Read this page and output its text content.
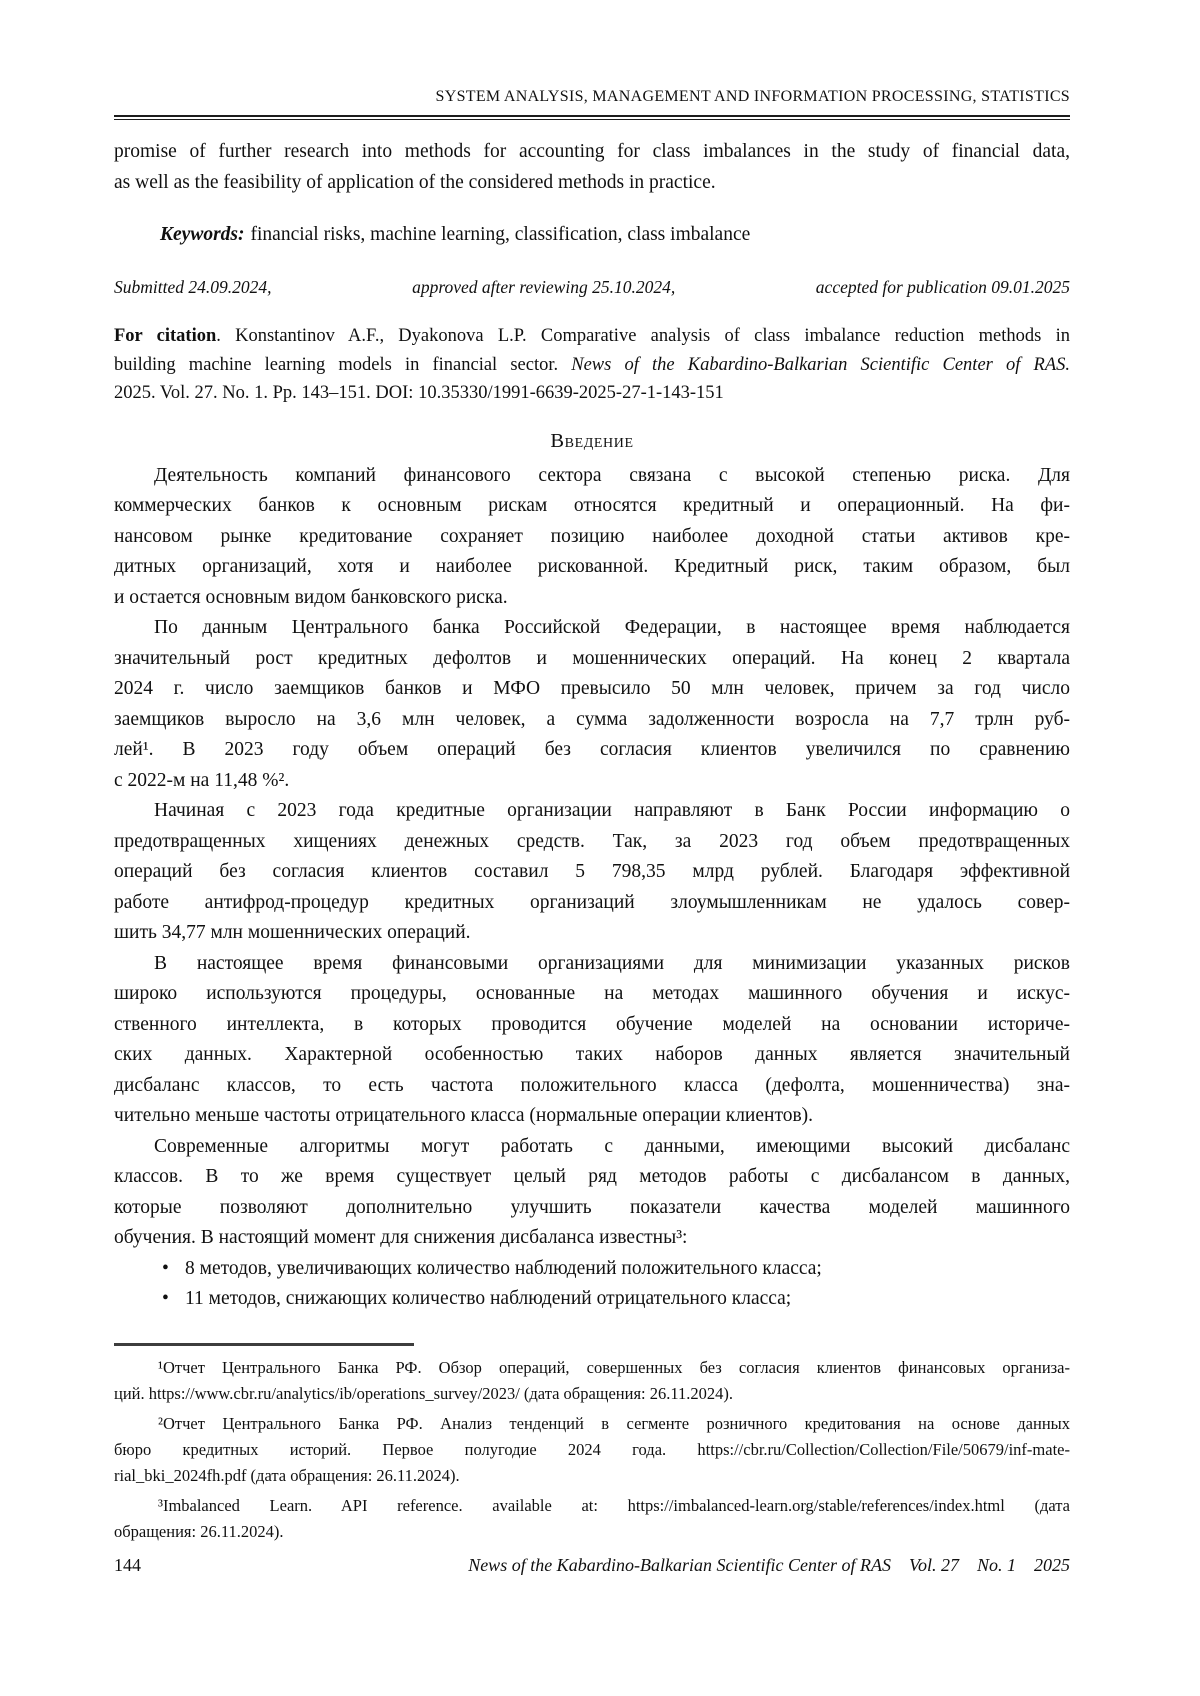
SYSTEM ANALYSIS, MANAGEMENT AND INFORMATION PROCESSING, STATISTICS
promise of further research into methods for accounting for class imbalances in the study of financial data,
as well as the feasibility of application of the considered methods in practice.
Keywords: financial risks, machine learning, classification, class imbalance
Submitted 24.09.2024,	approved after reviewing 25.10.2024,	accepted for publication 09.01.2025
For citation. Konstantinov A.F., Dyakonova L.P. Comparative analysis of class imbalance reduction methods in
building machine learning models in financial sector. News of the Kabardino-Balkarian Scientific Center of RAS.
2025. Vol. 27. No. 1. Pp. 143–151. DOI: 10.35330/1991-6639-2025-27-1-143-151
Введение
Деятельность компаний финансового сектора связана с высокой степенью риска. Для
коммерческих банков к основным рискам относятся кредитный и операционный. На фи-
нансовом рынке кредитование сохраняет позицию наиболее доходной статьи активов кре-
дитных организаций, хотя и наиболее рискованной. Кредитный риск, таким образом, был
и остается основным видом банковского риска.
По данным Центрального банка Российской Федерации, в настоящее время наблюдается
значительный рост кредитных дефолтов и мошеннических операций. На конец 2 квартала
2024 г. число заемщиков банков и МФО превысило 50 млн человек, причем за год число
заемщиков выросло на 3,6 млн человек, а сумма задолженности возросла на 7,7 трлн руб-
лей¹. В 2023 году объем операций без согласия клиентов увеличился по сравнению
с 2022-м на 11,48 %².
Начиная с 2023 года кредитные организации направляют в Банк России информацию о
предотвращенных хищениях денежных средств. Так, за 2023 год объем предотвращенных
операций без согласия клиентов составил 5 798,35 млрд рублей. Благодаря эффективной
работе антифрод-процедур кредитных организаций злоумышленникам не удалось совер-
шить 34,77 млн мошеннических операций.
В настоящее время финансовыми организациями для минимизации указанных рисков
широко используются процедуры, основанные на методах машинного обучения и искус-
ственного интеллекта, в которых проводится обучение моделей на основании историче-
ских данных. Характерной особенностью таких наборов данных является значительный
дисбаланс классов, то есть частота положительного класса (дефолта, мошенничества) зна-
чительно меньше частоты отрицательного класса (нормальные операции клиентов).
Современные алгоритмы могут работать с данными, имеющими высокий дисбаланс
классов. В то же время существует целый ряд методов работы с дисбалансом в данных,
которые позволяют дополнительно улучшить показатели качества моделей машинного
обучения. В настоящий момент для снижения дисбаланса известны³:
• 8 методов, увеличивающих количество наблюдений положительного класса;
• 11 методов, снижающих количество наблюдений отрицательного класса;
¹Отчет Центрального Банка РФ. Обзор операций, совершенных без согласия клиентов финансовых организа-
ций. https://www.cbr.ru/analytics/ib/operations_survey/2023/ (дата обращения: 26.11.2024).
²Отчет Центрального Банка РФ. Анализ тенденций в сегменте розничного кредитования на основе данных
бюро кредитных историй. Первое полугодие 2024 года. https://cbr.ru/Collection/Collection/File/50679/inf-mate-
rial_bki_2024fh.pdf (дата обращения: 26.11.2024).
³Imbalanced Learn. API reference. available at: https://imbalanced-learn.org/stable/references/index.html (дата
обращения: 26.11.2024).
144	News of the Kabardino-Balkarian Scientific Center of RAS Vol. 27 No. 1 2025
